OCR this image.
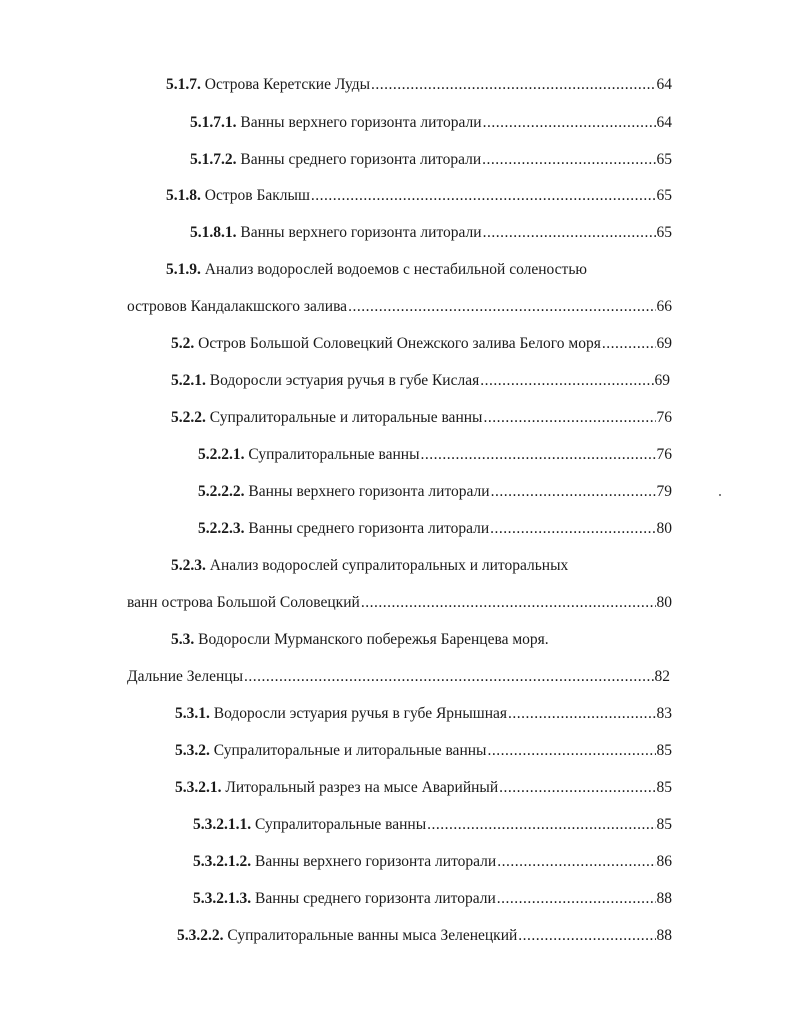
5.1.7. Острова Керетские Луды .....	64
5.1.7.1. Ванны верхнего горизонта литорали .....	64
5.1.7.2. Ванны среднего горизонта литорали .....	65
5.1.8. Остров Баклыш .....	65
5.1.8.1. Ванны верхнего горизонта литорали .....	65
5.1.9. Анализ водорослей водоемов с нестабильной соленостью
островов Кандалакшского залива .....	66
5.2. Остров Большой Соловецкий Онежского залива Белого моря .....	69
5.2.1. Водоросли эстуария ручья в губе Кислая .....	69
5.2.2. Супралиторальные и литоральные ванны .....	76
5.2.2.1. Супралиторальные ванны .....	76
5.2.2.2. Ванны верхнего горизонта литорали .....	79
5.2.2.3. Ванны среднего горизонта литорали .....	80
5.2.3. Анализ водорослей супралиторальных и литоральных
ванн острова Большой Соловецкий .....	80
5.3. Водоросли Мурманского побережья Баренцева моря.
Дальние Зеленцы .....	82
5.3.1. Водоросли эстуария ручья в губе Ярнышная .....	83
5.3.2. Супралиторальные и литоральные ванны .....	85
5.3.2.1. Литоральный разрез на мысе Аварийный .....	85
5.3.2.1.1. Супралиторальные ванны .....	85
5.3.2.1.2. Ванны верхнего горизонта литорали .....	86
5.3.2.1.3. Ванны среднего горизонта литорали .....	88
5.3.2.2. Супралиторальные ванны мыса Зеленецкий .....	88
